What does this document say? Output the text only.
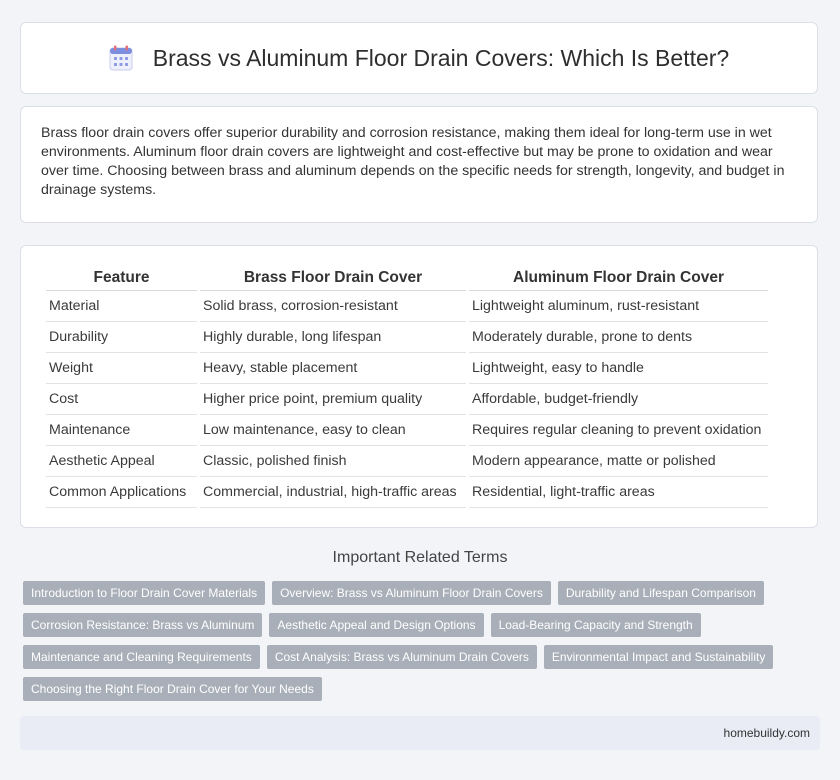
Brass vs Aluminum Floor Drain Covers: Which Is Better?

Brass floor drain covers offer superior durability and corrosion resistance, making them ideal for long-term use in wet environments. Aluminum floor drain covers are lightweight and cost-effective but may be prone to oxidation and wear over time. Choosing between brass and aluminum depends on the specific needs for strength, longevity, and budget in drainage systems.

Feature	Brass Floor Drain Cover	Aluminum Floor Drain Cover
Material	Solid brass, corrosion-resistant	Lightweight aluminum, rust-resistant
Durability	Highly durable, long lifespan	Moderately durable, prone to dents
Weight	Heavy, stable placement	Lightweight, easy to handle
Cost	Higher price point, premium quality	Affordable, budget-friendly
Maintenance	Low maintenance, easy to clean	Requires regular cleaning to prevent oxidation
Aesthetic Appeal	Classic, polished finish	Modern appearance, matte or polished
Common Applications	Commercial, industrial, high-traffic areas	Residential, light-traffic areas
Important Related Terms
Introduction to Floor Drain Cover Materials	Overview: Brass vs Aluminum Floor Drain Covers	Durability and Lifespan Comparison
Corrosion Resistance: Brass vs Aluminum	Aesthetic Appeal and Design Options	Load-Bearing Capacity and Strength
Maintenance and Cleaning Requirements	Cost Analysis: Brass vs Aluminum Drain Covers	Environmental Impact and Sustainability
Choosing the Right Floor Drain Cover for Your Needs
homebuildy.com
